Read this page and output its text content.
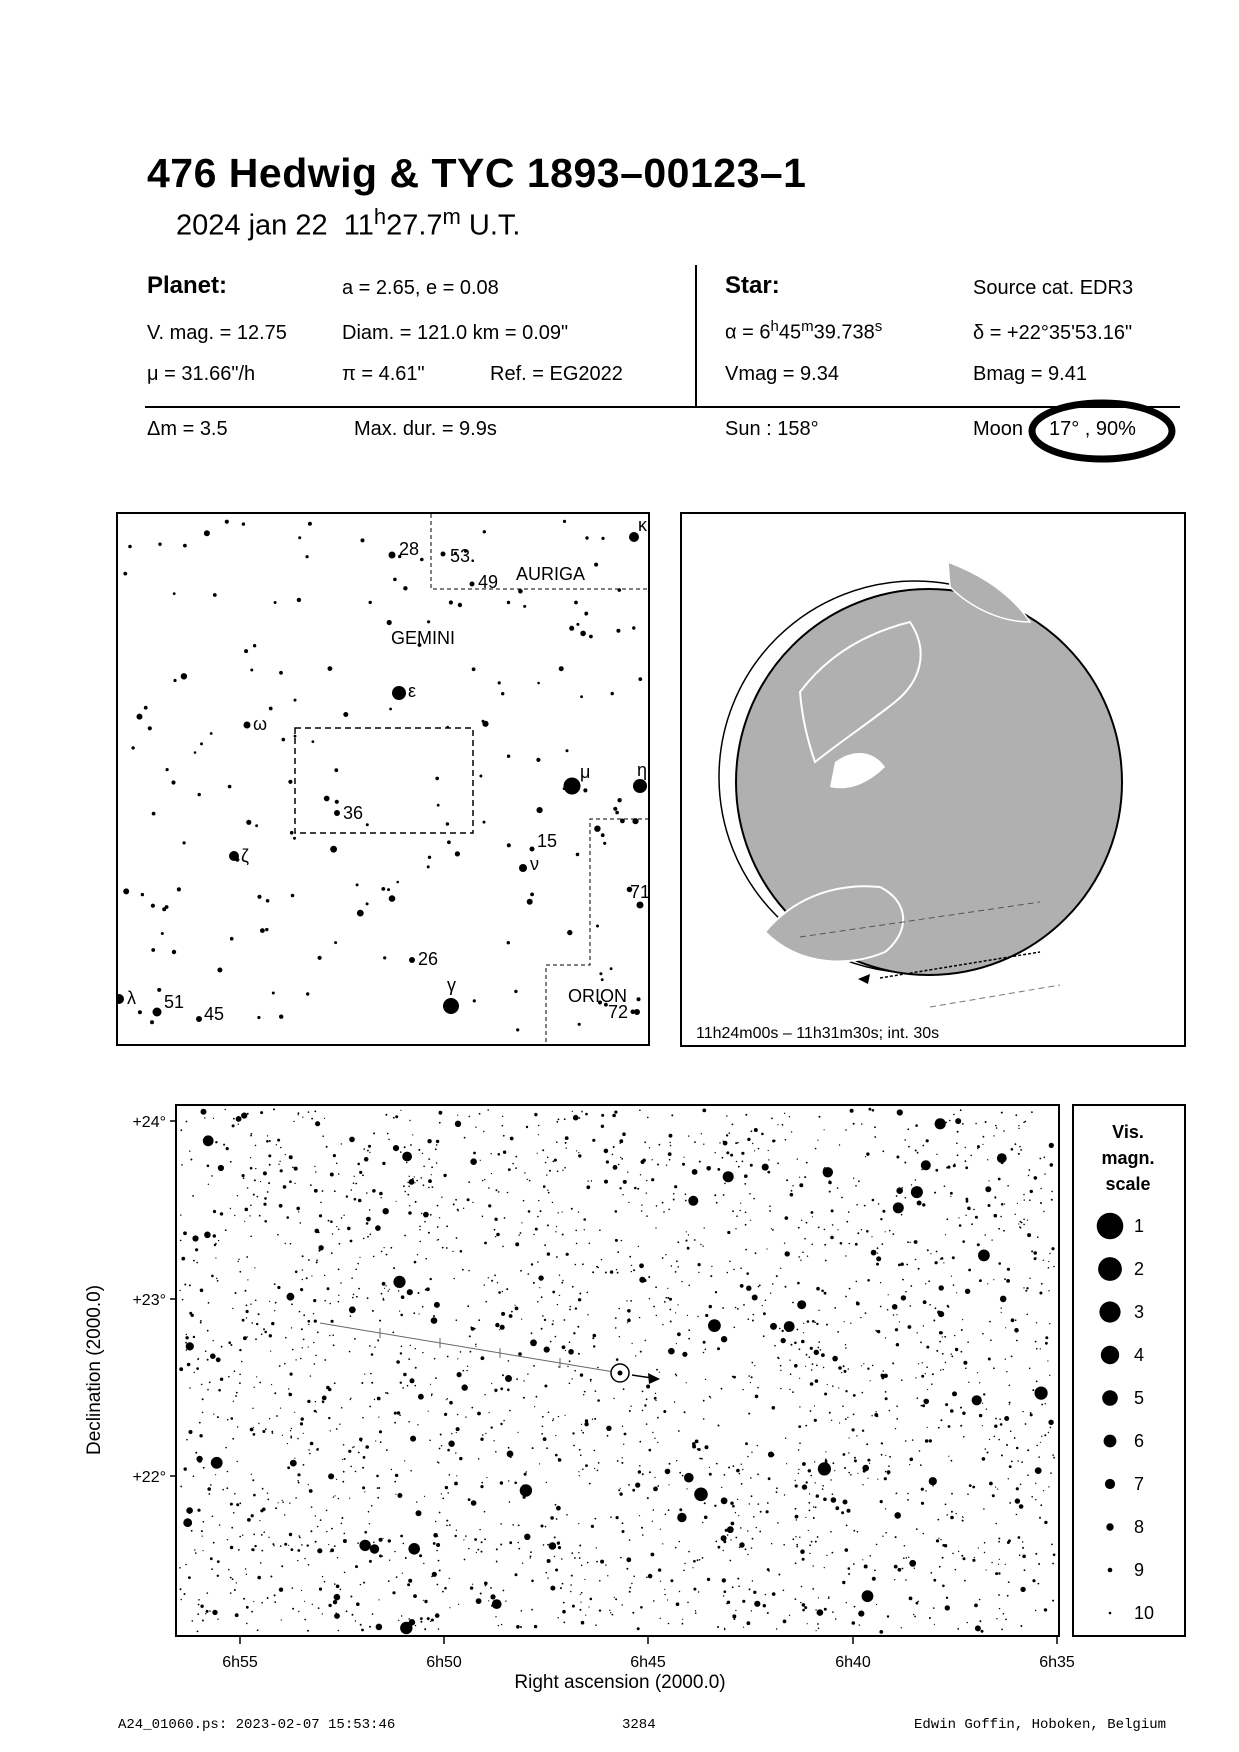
476 Hedwig & TYC 1893–00123–1
2024 jan 22 11$^h$27.7$^m$ U.T.
Planet:	a = 2.65, e = 0.08
V. mag. = 12.75	Diam. = 121.0 km = 0.09"
μ = 31.66"/h	π = 4.61"	Ref. = EG2022
Star:	Source cat. EDR3
$\alpha = 6^h45^m39.738^s$	δ = +22°35'53.16"
Vmag = 9.34	Bmag = 9.41
Δm = 3.5	Max. dur. = 9.9s	Sun : 158°	Moon 17° , 90%
28 53
49
κ
ε
ω
μ	η
36
15
ζ	ν
71
26
γ
λ 51
45	72
AURIGA
GEMINI
ORION
11h24m00s – 11h31m30s; int. 30s
6h55	6h50	6h45	6h40	6h35
+24°
+23°
+22°
Right ascension (2000.0)
Declination (2000.0)
Vis.
magn.
scale
1
2
3
4
5
6
7
8
9
10
A24_01060.ps: 2023-02-07 15:53:46	3284	Edwin Goffin, Hoboken, Belgium
